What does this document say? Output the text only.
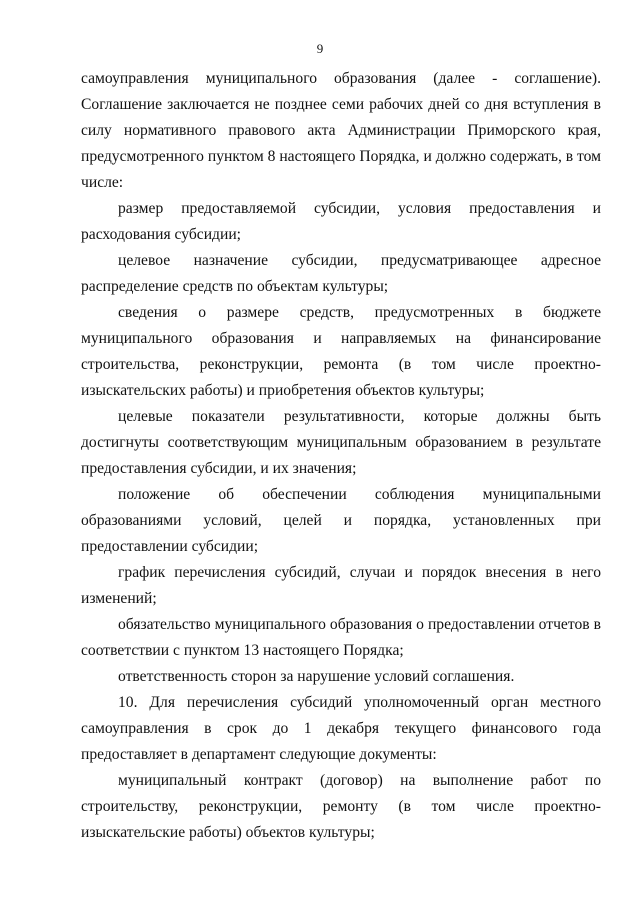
9

самоуправления муниципального образования (далее - соглашение). Соглашение заключается не позднее семи рабочих дней со дня вступления в силу нормативного правового акта Администрации Приморского края, предусмотренного пунктом 8 настоящего Порядка, и должно содержать, в том числе:

размер предоставляемой субсидии, условия предоставления и расходования субсидии;

целевое назначение субсидии, предусматривающее адресное распределение средств по объектам культуры;

сведения о размере средств, предусмотренных в бюджете муниципального образования и направляемых на финансирование строительства, реконструкции, ремонта (в том числе проектно-изыскательских работы) и приобретения объектов культуры;

целевые показатели результативности, которые должны быть достигнуты соответствующим муниципальным образованием в результате предоставления субсидии, и их значения;

положение об обеспечении соблюдения муниципальными образованиями условий, целей и порядка, установленных при предоставлении субсидии;

график перечисления субсидий, случаи и порядок внесения в него изменений;

обязательство муниципального образования о предоставлении отчетов в соответствии с пунктом 13 настоящего Порядка;

ответственность сторон за нарушение условий соглашения.

10. Для перечисления субсидий уполномоченный орган местного самоуправления в срок до 1 декабря текущего финансового года предоставляет в департамент следующие документы:

муниципальный контракт (договор) на выполнение работ по строительству, реконструкции, ремонту (в том числе проектно-изыскательские работы) объектов культуры;
